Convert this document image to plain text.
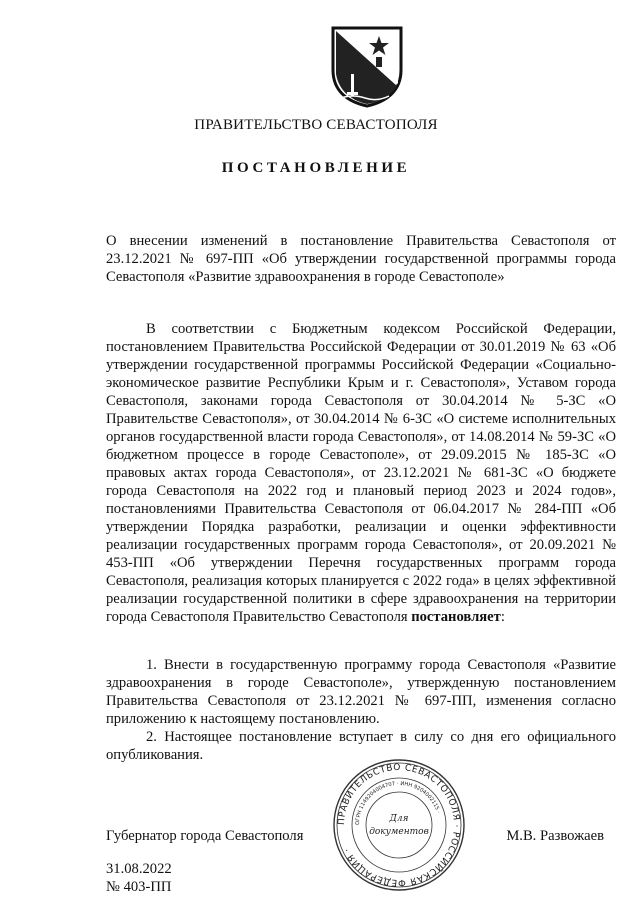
ПРАВИТЕЛЬСТВО СЕВАСТОПОЛЯ
ПОСТАНОВЛЕНИЕ
О внесении изменений в постановление Правительства Севастополя от 23.12.2021 № 697-ПП «Об утверждении государственной программы города Севастополя «Развитие здравоохранения в городе Севастополе»

В соответствии с Бюджетным кодексом Российской Федерации, постановлением Правительства Российской Федерации от 30.01.2019 № 63 «Об утверждении государственной программы Российской Федерации «Социально-экономическое развитие Республики Крым и г. Севастополя», Уставом города Севастополя, законами города Севастополя от 30.04.2014 № 5-ЗС «О Правительстве Севастополя», от 30.04.2014 № 6-ЗС «О системе исполнительных органов государственной власти города Севастополя», от 14.08.2014 № 59-ЗС «О бюджетном процессе в городе Севастополе», от 29.09.2015 № 185-ЗС «О правовых актах города Севастополя», от 23.12.2021 № 681-ЗС «О бюджете города Севастополя на 2022 год и плановый период 2023 и 2024 годов», постановлениями Правительства Севастополя от 06.04.2017 № 284-ПП «Об утверждении Порядка разработки, реализации и оценки эффективности реализации государственных программ города Севастополя», от 20.09.2021 № 453-ПП «Об утверждении Перечня государственных программ города Севастополя, реализация которых планируется с 2022 года» в целях эффективной реализации государственной политики в сфере здравоохранения на территории города Севастополя Правительство Севастополя постановляет:

1. Внести в государственную программу города Севастополя «Развитие здравоохранения в городе Севастополе», утвержденную постановлением Правительства Севастополя от 23.12.2021 № 697-ПП, изменения согласно приложению к настоящему постановлению.

2. Настоящее постановление вступает в силу со дня его официального опубликования.

Губернатор города Севастополя	М.В. Развожаев
31.08.2022
№ 403-ПП
ПРАВИТЕЛЬСТВО СЕВАСТОПОЛЯ · РОССИЙСКАЯ ФЕДЕРАЦИЯ ·
ОГРН 1149204004707 · ИНН 9204002115 ·
Для
документов
